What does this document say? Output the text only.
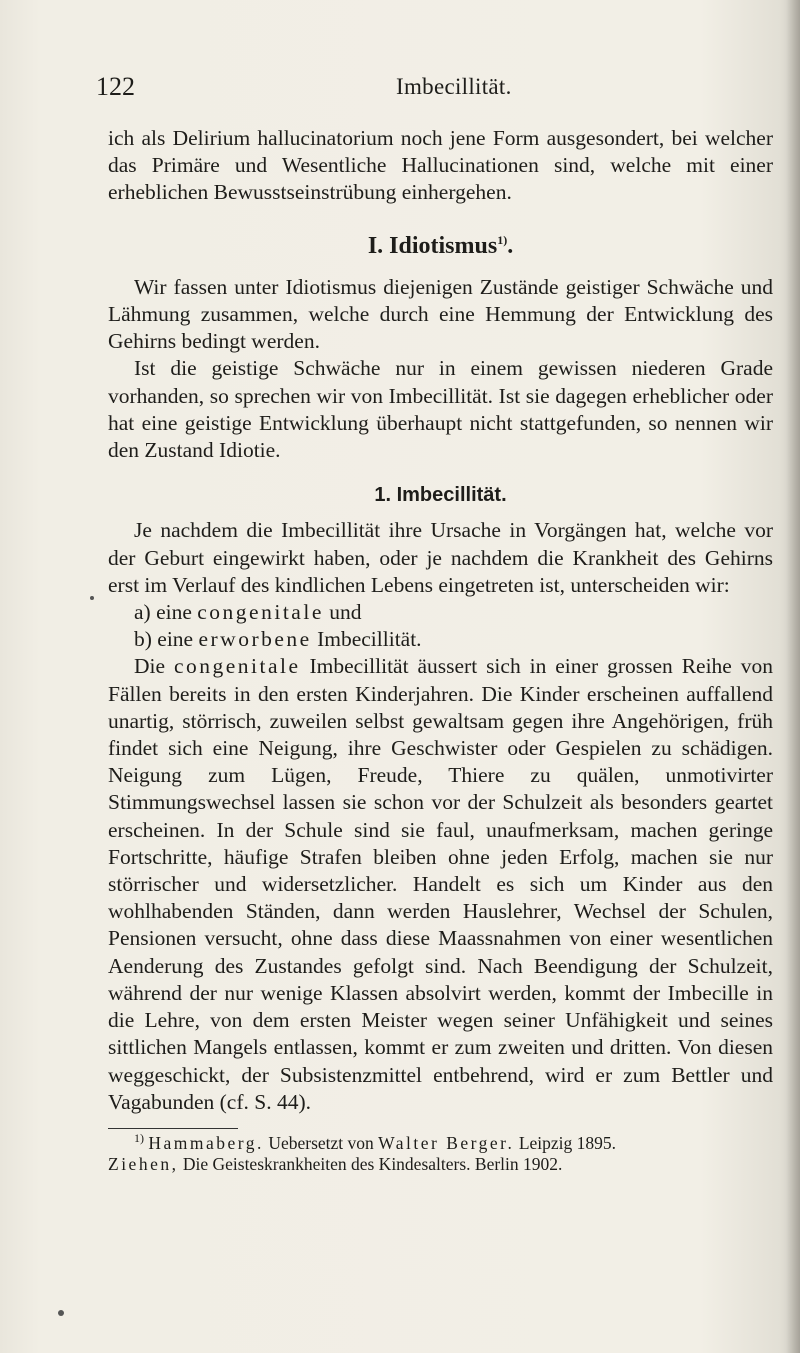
122	Imbecillität.

ich als Delirium hallucinatorium noch jene Form ausgesondert, bei welcher das Primäre und Wesentliche Hallucinationen sind, welche mit einer erheblichen Bewusstseinstrübung einhergehen.

I. Idiotismus$^{1)}$.

Wir fassen unter Idiotismus diejenigen Zustände geistiger Schwäche und Lähmung zusammen, welche durch eine Hemmung der Entwicklung des Gehirns bedingt werden.

Ist die geistige Schwäche nur in einem gewissen niederen Grade vorhanden, so sprechen wir von Imbecillität. Ist sie dagegen erheblicher oder hat eine geistige Entwicklung überhaupt nicht stattgefunden, so nennen wir den Zustand Idiotie.

1. Imbecillität.

Je nachdem die Imbecillität ihre Ursache in Vorgängen hat, welche vor der Geburt eingewirkt haben, oder je nachdem die Krankheit des Gehirns erst im Verlauf des kindlichen Lebens eingetreten ist, unterscheiden wir:

a) eine congenitale und

b) eine erworbene Imbecillität.

Die congenitale Imbecillität äussert sich in einer grossen Reihe von Fällen bereits in den ersten Kinderjahren. Die Kinder erscheinen auffallend unartig, störrisch, zuweilen selbst gewaltsam gegen ihre Angehörigen, früh findet sich eine Neigung, ihre Geschwister oder Gespielen zu schädigen. Neigung zum Lügen, Freude, Thiere zu quälen, unmotivirter Stimmungswechsel lassen sie schon vor der Schulzeit als besonders geartet erscheinen. In der Schule sind sie faul, unaufmerksam, machen geringe Fortschritte, häufige Strafen bleiben ohne jeden Erfolg, machen sie nur störrischer und widersetzlicher. Handelt es sich um Kinder aus den wohlhabenden Ständen, dann werden Hauslehrer, Wechsel der Schulen, Pensionen versucht, ohne dass diese Maassnahmen von einer wesentlichen Aenderung des Zustandes gefolgt sind. Nach Beendigung der Schulzeit, während der nur wenige Klassen absolvirt werden, kommt der Imbecille in die Lehre, von dem ersten Meister wegen seiner Unfähigkeit und seines sittlichen Mangels entlassen, kommt er zum zweiten und dritten. Von diesen weggeschickt, der Subsistenzmittel entbehrend, wird er zum Bettler und Vagabunden (cf. S. 44).

$^{1)}$ Hammaberg. Uebersetzt von Walter Berger. Leipzig 1895.
Ziehen, Die Geisteskrankheiten des Kindesalters. Berlin 1902.
